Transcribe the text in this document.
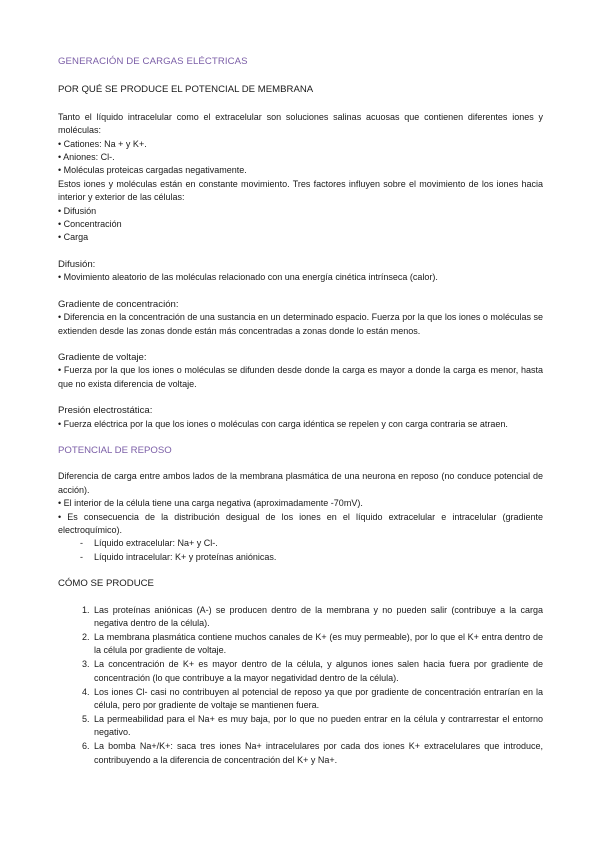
GENERACIÓN DE CARGAS ELÉCTRICAS

POR QUÉ SE PRODUCE EL POTENCIAL DE MEMBRANA

Tanto el líquido intracelular como el extracelular son soluciones salinas acuosas que contienen diferentes iones y moléculas:

• Cationes: Na + y K+.

• Aniones: Cl-.

• Moléculas proteicas cargadas negativamente.

Estos iones y moléculas están en constante movimiento. Tres factores influyen sobre el movimiento de los iones hacia interior y exterior de las células:

• Difusión

• Concentración

• Carga

Difusión:

• Movimiento aleatorio de las moléculas relacionado con una energía cinética intrínseca (calor).

Gradiente de concentración:

• Diferencia en la concentración de una sustancia en un determinado espacio. Fuerza por la que los iones o moléculas se extienden desde las zonas donde están más concentradas a zonas donde lo están menos.

Gradiente de voltaje:

• Fuerza por la que los iones o moléculas se difunden desde donde la carga es mayor a donde la carga es menor, hasta que no exista diferencia de voltaje.

Presión electrostática:

• Fuerza eléctrica por la que los iones o moléculas con carga idéntica se repelen y con carga contraria se atraen.

POTENCIAL DE REPOSO

Diferencia de carga entre ambos lados de la membrana plasmática de una neurona en reposo (no conduce potencial de acción).

• El interior de la célula tiene una carga negativa (aproximadamente -70mV).

• Es consecuencia de la distribución desigual de los iones en el líquido extracelular e intracelular (gradiente electroquímico).

- Líquido extracelular: Na+ y Cl-.
- Líquido intracelular: K+ y proteínas aniónicas.

CÓMO SE PRODUCE

1. Las proteínas aniónicas (A-) se producen dentro de la membrana y no pueden salir (contribuye a la carga negativa dentro de la célula).
2. La membrana plasmática contiene muchos canales de K+ (es muy permeable), por lo que el K+ entra dentro de la célula por gradiente de voltaje.
3. La concentración de K+ es mayor dentro de la célula, y algunos iones salen hacia fuera por gradiente de concentración (lo que contribuye a la mayor negatividad dentro de la célula).
4. Los iones Cl- casi no contribuyen al potencial de reposo ya que por gradiente de concentración entrarían en la célula, pero por gradiente de voltaje se mantienen fuera.
5. La permeabilidad para el Na+ es muy baja, por lo que no pueden entrar en la célula y contrarrestar el entorno negativo.
6. La bomba Na+/K+: saca tres iones Na+ intracelulares por cada dos iones K+ extracelulares que introduce, contribuyendo a la diferencia de concentración del K+ y Na+.
